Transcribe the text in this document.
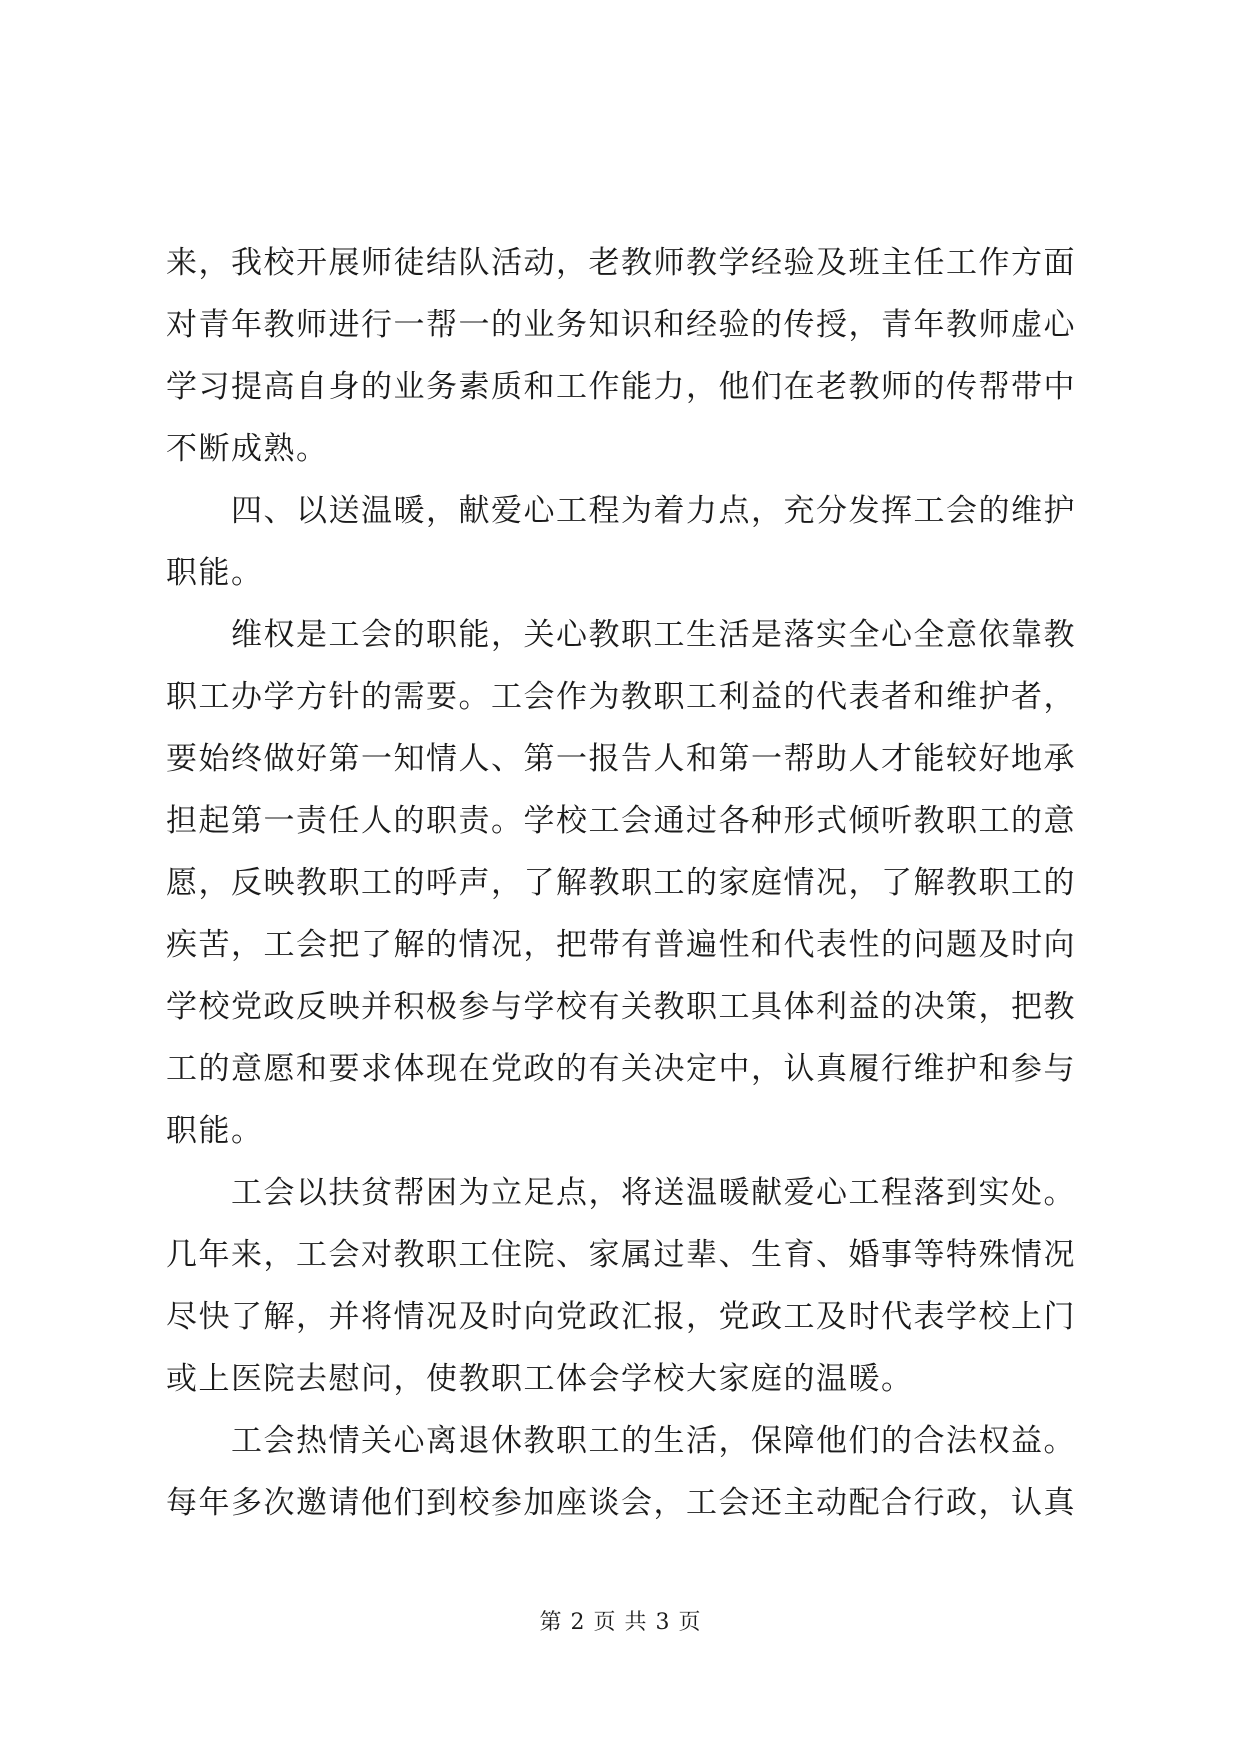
来，我校开展师徒结队活动，老教师教学经验及班主任工作方面对青年教师进行一帮一的业务知识和经验的传授，青年教师虚心学习提高自身的业务素质和工作能力，他们在老教师的传帮带中不断成熟。

四、以送温暖，献爱心工程为着力点，充分发挥工会的维护职能。

维权是工会的职能，关心教职工生活是落实全心全意依靠教职工办学方针的需要。工会作为教职工利益的代表者和维护者，要始终做好第一知情人、第一报告人和第一帮助人才能较好地承担起第一责任人的职责。学校工会通过各种形式倾听教职工的意愿，反映教职工的呼声，了解教职工的家庭情况，了解教职工的疾苦，工会把了解的情况，把带有普遍性和代表性的问题及时向学校党政反映并积极参与学校有关教职工具体利益的决策，把教工的意愿和要求体现在党政的有关决定中，认真履行维护和参与职能。

工会以扶贫帮困为立足点，将送温暖献爱心工程落到实处。几年来，工会对教职工住院、家属过辈、生育、婚事等特殊情况尽快了解，并将情况及时向党政汇报，党政工及时代表学校上门或上医院去慰问，使教职工体会学校大家庭的温暖。

工会热情关心离退休教职工的生活，保障他们的合法权益。每年多次邀请他们到校参加座谈会，工会还主动配合行政，认真

第 2 页 共 3 页
